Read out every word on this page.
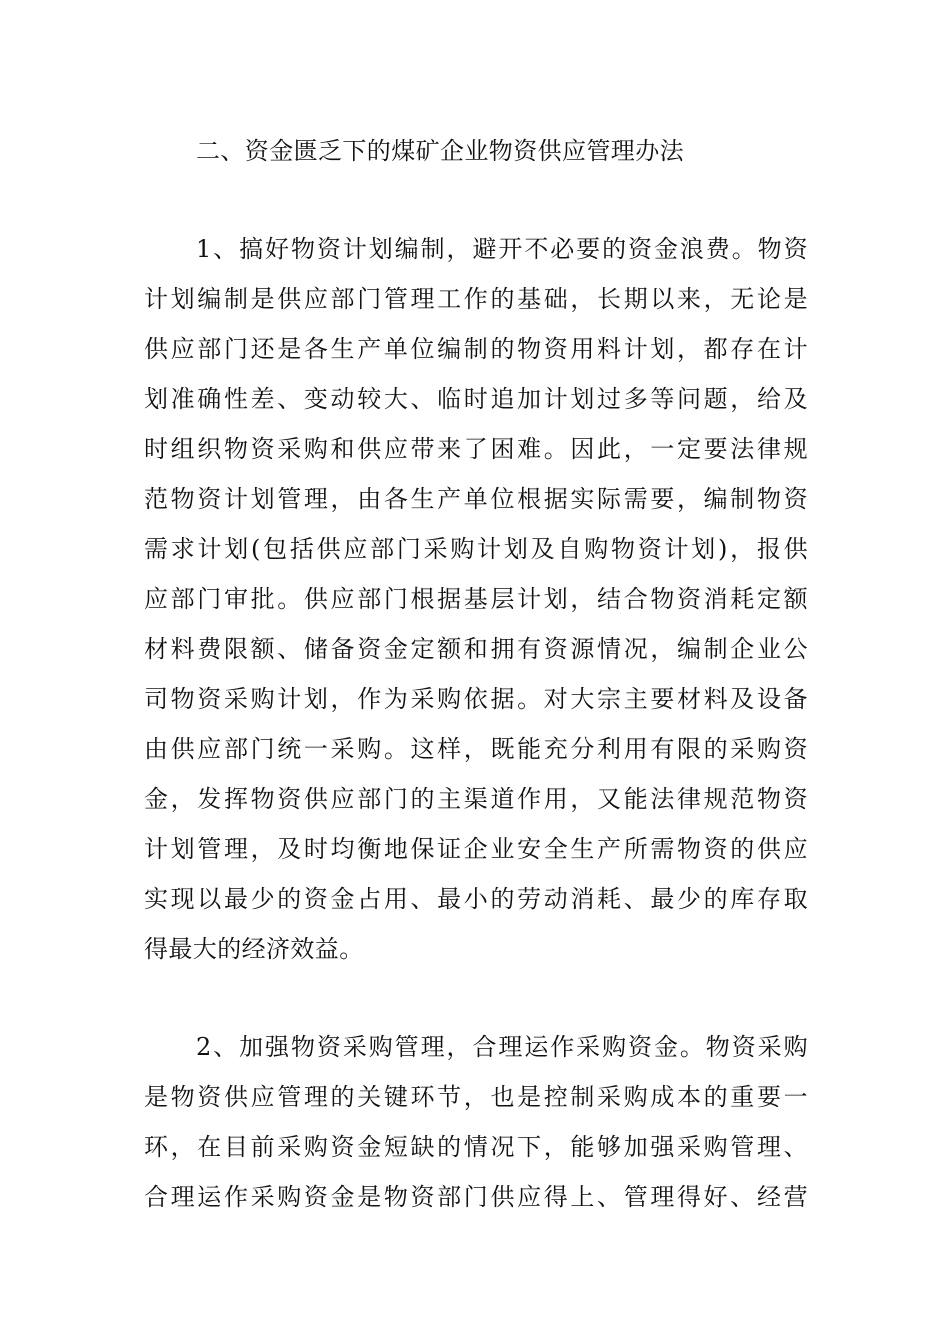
二、资金匮乏下的煤矿企业物资供应管理办法
1、搞好物资计划编制，避开不必要的资金浪费。物资
计划编制是供应部门管理工作的基础，长期以来，无论是
供应部门还是各生产单位编制的物资用料计划，都存在计
划准确性差、变动较大、临时追加计划过多等问题，给及
时组织物资采购和供应带来了困难。因此，一定要法律规
范物资计划管理，由各生产单位根据实际需要，编制物资
需求计划(包括供应部门采购计划及自购物资计划)，报供
应部门审批。供应部门根据基层计划，结合物资消耗定额
材料费限额、储备资金定额和拥有资源情况，编制企业公
司物资采购计划，作为采购依据。对大宗主要材料及设备
由供应部门统一采购。这样，既能充分利用有限的采购资
金，发挥物资供应部门的主渠道作用，又能法律规范物资
计划管理，及时均衡地保证企业安全生产所需物资的供应
实现以最少的资金占用、最小的劳动消耗、最少的库存取
得最大的经济效益。
2、加强物资采购管理，合理运作采购资金。物资采购
是物资供应管理的关键环节，也是控制采购成本的重要一
环，在目前采购资金短缺的情况下，能够加强采购管理、
合理运作采购资金是物资部门供应得上、管理得好、经营
